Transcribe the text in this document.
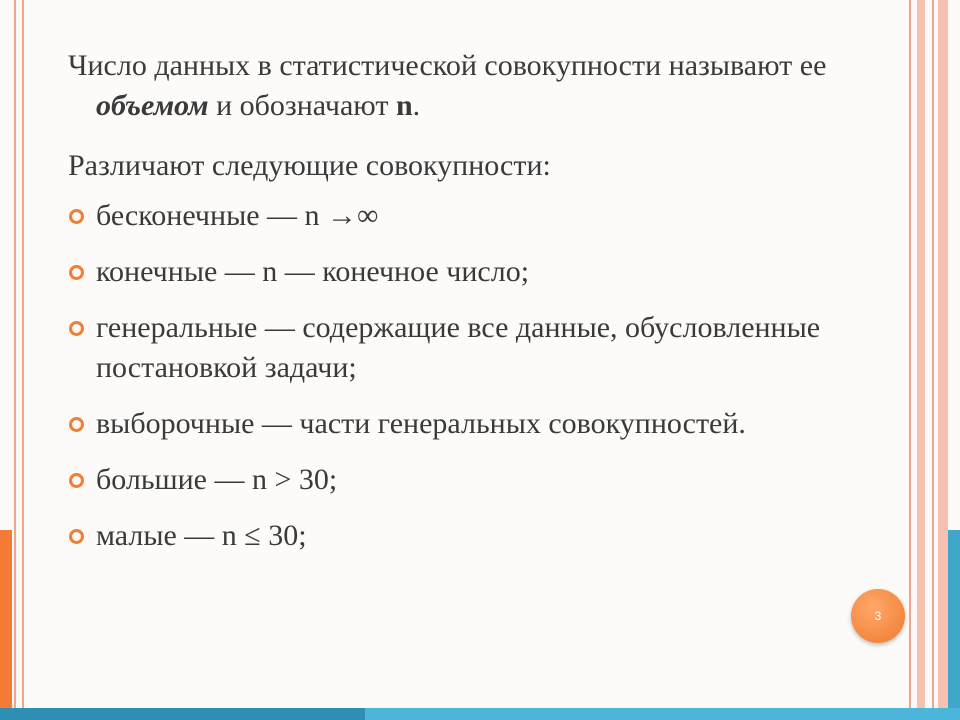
Число данных в статистической совокупности называют ее объемом и обозначают n.

Различают следующие совокупности:

бесконечные — n →∞
конечные — n — конечное число;
генеральные — содержащие все данные, обусловленные постановкой задачи;
выборочные — части генеральных совокупностей.
большие — n > 30;
малые — n ≤ 30;
3
